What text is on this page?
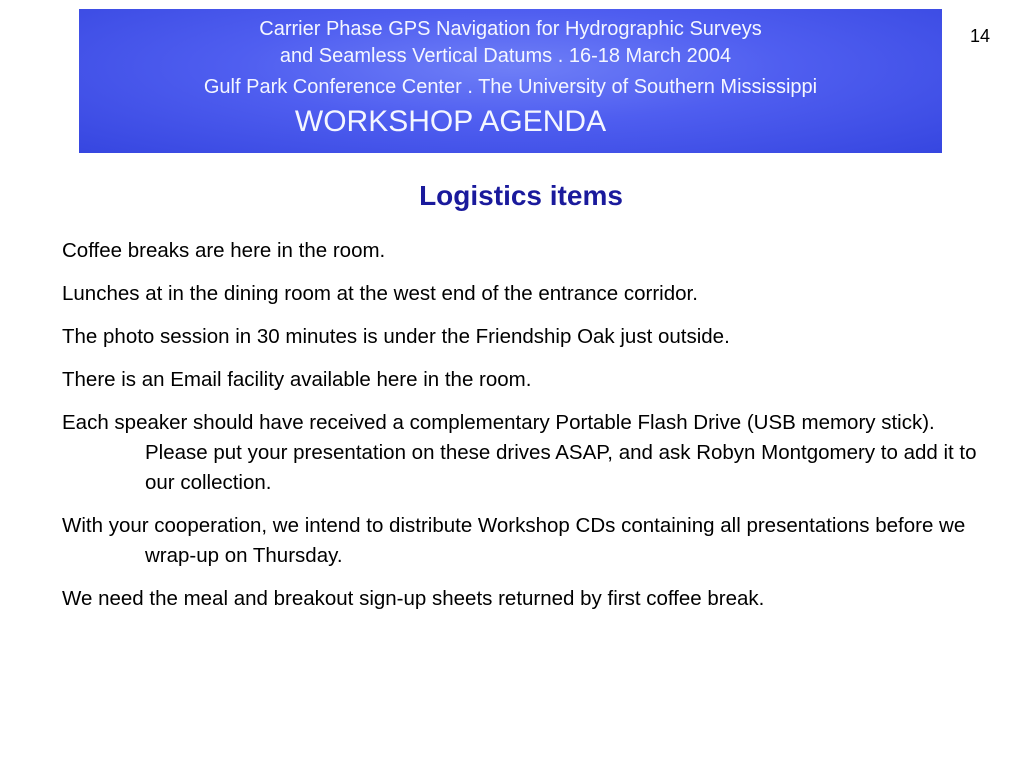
Carrier Phase GPS Navigation for Hydrographic Surveys
and Seamless Vertical Datums . 16-18 March 2004
Gulf Park Conference Center . The University of Southern Mississippi
WORKSHOP AGENDA
14
Logistics items

Coffee breaks are here in the room.

Lunches at in the dining room at the west end of the entrance corridor.

The photo session in 30 minutes is under the Friendship Oak just outside.

There is an Email facility available here in the room.

Each speaker should have received a complementary Portable Flash Drive (USB memory stick). Please put your presentation on these drives ASAP, and ask Robyn Montgomery to add it to our collection.

With your cooperation, we intend to distribute Workshop CDs containing all presentations before we wrap-up on Thursday.

We need the meal and breakout sign-up sheets returned by first coffee break.
